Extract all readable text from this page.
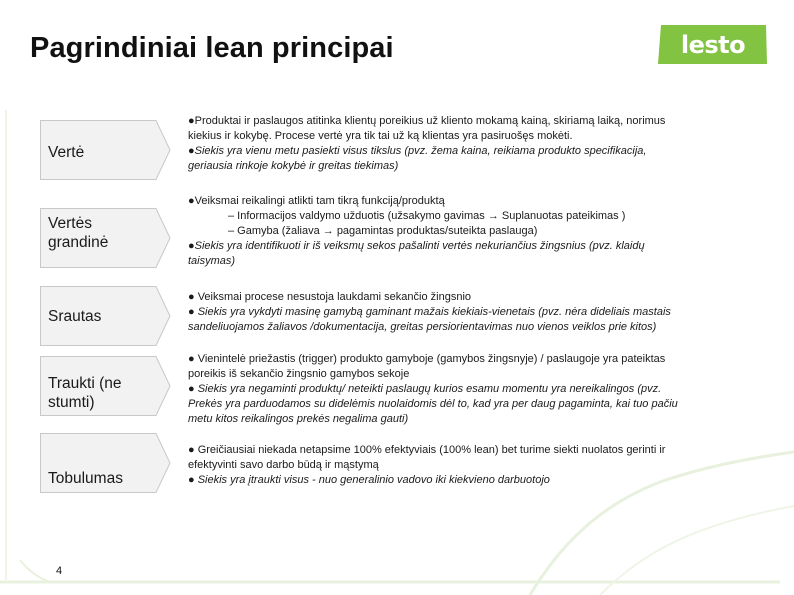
Pagrindiniai lean principai	lesto
Vertė

●Produktai ir paslaugos atitinka klientų poreikius už kliento mokamą kainą, skiriamą laiką, norimus

kiekius ir kokybę. Procese vertė yra tik tai už ką klientas yra pasiruošęs mokėti.

●Siekis yra vienu metu pasiekti visus tikslus (pvz. žema kaina, reikiama produkto specifikacija,

geriausia rinkoje kokybė ir greitas tiekimas)

Vertės
grandinė

●Veiksmai reikalingi atlikti tam tikrą funkciją/produktą

– Informacijos valdymo užduotis (užsakymo gavimas → Suplanuotas pateikimas )

– Gamyba (žaliava → pagamintas produktas/suteikta paslauga)

●Siekis yra identifikuoti ir iš veiksmų sekos pašalinti vertės nekuriančius žingsnius (pvz. klaidų

taisymas)

Srautas

● Veiksmai procese nesustoja laukdami sekančio žingsnio

● Siekis yra vykdyti masinę gamybą gaminant mažais kiekiais-vienetais (pvz. nėra dideliais mastais

sandeliuojamos žaliavos /dokumentacija, greitas persiorientavimas nuo vienos veiklos prie kitos)

Traukti (ne
stumti)

● Vienintelė priežastis (trigger) produkto gamyboje (gamybos žingsnyje) / paslaugoje yra pateiktas

poreikis iš sekančio žingsnio gamybos sekoje

● Siekis yra negaminti produktų/ neteikti paslaugų kurios esamu momentu yra nereikalingos (pvz.

Prekės yra parduodamos su didelėmis nuolaidomis dėl to, kad yra per daug pagaminta, kai tuo pačiu

metu kitos reikalingos prekės negalima gauti)

Tobulumas

● Greičiausiai niekada netapsime 100% efektyviais (100% lean) bet turime siekti nuolatos gerinti ir

efektyvinti savo darbo būdą ir mąstymą

● Siekis yra įtraukti visus - nuo generalinio vadovo iki kiekvieno darbuotojo

4
